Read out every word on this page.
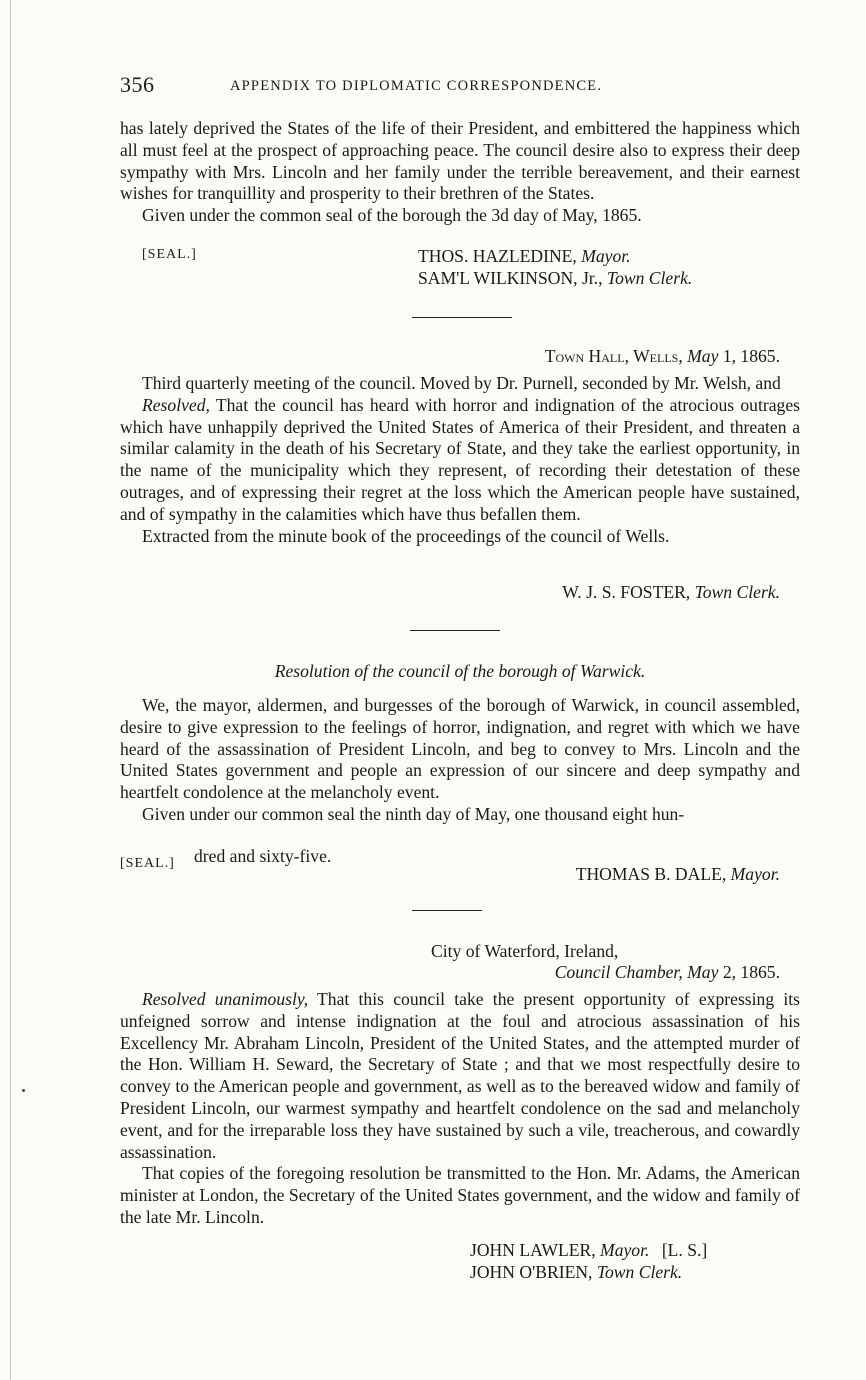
356	APPENDIX TO DIPLOMATIC CORRESPONDENCE.

has lately deprived the States of the life of their President, and embittered the happiness which all must feel at the prospect of approaching peace. The council desire also to express their deep sympathy with Mrs. Lincoln and her family under the terrible bereavement, and their earnest wishes for tranquillity and prosperity to their brethren of the States.

Given under the common seal of the borough the 3d day of May, 1865.

[SEAL.]	THOS. HAZLEDINE, Mayor.
SAM'L WILKINSON, Jr., Town Clerk.
Town Hall, Wells, May 1, 1865.

Third quarterly meeting of the council. Moved by Dr. Purnell, seconded by Mr. Welsh, and

Resolved, That the council has heard with horror and indignation of the atrocious outrages which have unhappily deprived the United States of America of their President, and threaten a similar calamity in the death of his Secretary of State, and they take the earliest opportunity, in the name of the municipality which they represent, of recording their detestation of these outrages, and of expressing their regret at the loss which the American people have sustained, and of sympathy in the calamities which have thus befallen them.

Extracted from the minute book of the proceedings of the council of Wells.

W. J. S. FOSTER, Town Clerk.
Resolution of the council of the borough of Warwick.

We, the mayor, aldermen, and burgesses of the borough of Warwick, in council assembled, desire to give expression to the feelings of horror, indignation, and regret with which we have heard of the assassination of President Lincoln, and beg to convey to Mrs. Lincoln and the United States government and people an expression of our sincere and deep sympathy and heartfelt condolence at the melancholy event.

Given under our common seal the ninth day of May, one thousand eight hun-

[SEAL.] dred and sixty-five.
THOMAS B. DALE, Mayor.
City of Waterford, Ireland,
Council Chamber, May 2, 1865.

Resolved unanimously, That this council take the present opportunity of expressing its unfeigned sorrow and intense indignation at the foul and atrocious assassination of his Excellency Mr. Abraham Lincoln, President of the United States, and the attempted murder of the Hon. William H. Seward, the Secretary of State ; and that we most respectfully desire to convey to the American people and government, as well as to the bereaved widow and family of President Lincoln, our warmest sympathy and heartfelt condolence on the sad and melancholy event, and for the irreparable loss they have sustained by such a vile, treacherous, and cowardly assassination.

That copies of the foregoing resolution be transmitted to the Hon. Mr. Adams, the American minister at London, the Secretary of the United States government, and the widow and family of the late Mr. Lincoln.

JOHN LAWLER, Mayor. [L. S.]
JOHN O'BRIEN, Town Clerk.
